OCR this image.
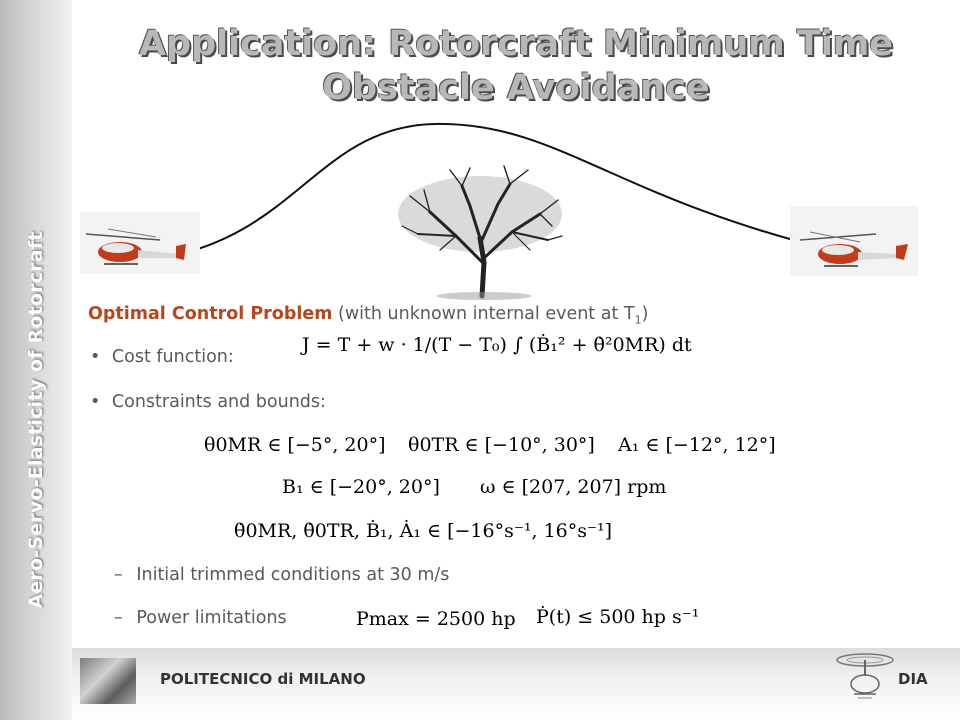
Aero-Servo-Elasticity of Rotorcraft
Application: Rotorcraft Minimum Time
Obstacle Avoidance
Optimal Control Problem (with unknown internal event at $T_1$)
• Cost function:
J = T + w · 1/(T − T₀) ∫ (Ḃ₁² + θ̇²0MR) dt
• Constraints and bounds:
θ0MR ∈ [−5°, 20°] θ0TR ∈ [−10°, 30°] A₁ ∈ [−12°, 12°]
B₁ ∈ [−20°, 20°] ω ∈ [207, 207] rpm
θ̇0MR, θ̇0TR, Ḃ₁, Ȧ₁ ∈ [−16°s⁻¹, 16°s⁻¹]
– Initial trimmed conditions at 30 m/s
– Power limitations	Pmax = 2500 hp Ṗ(t) ≤ 500 hp s⁻¹
POLITECNICO di MILANO	DIA
